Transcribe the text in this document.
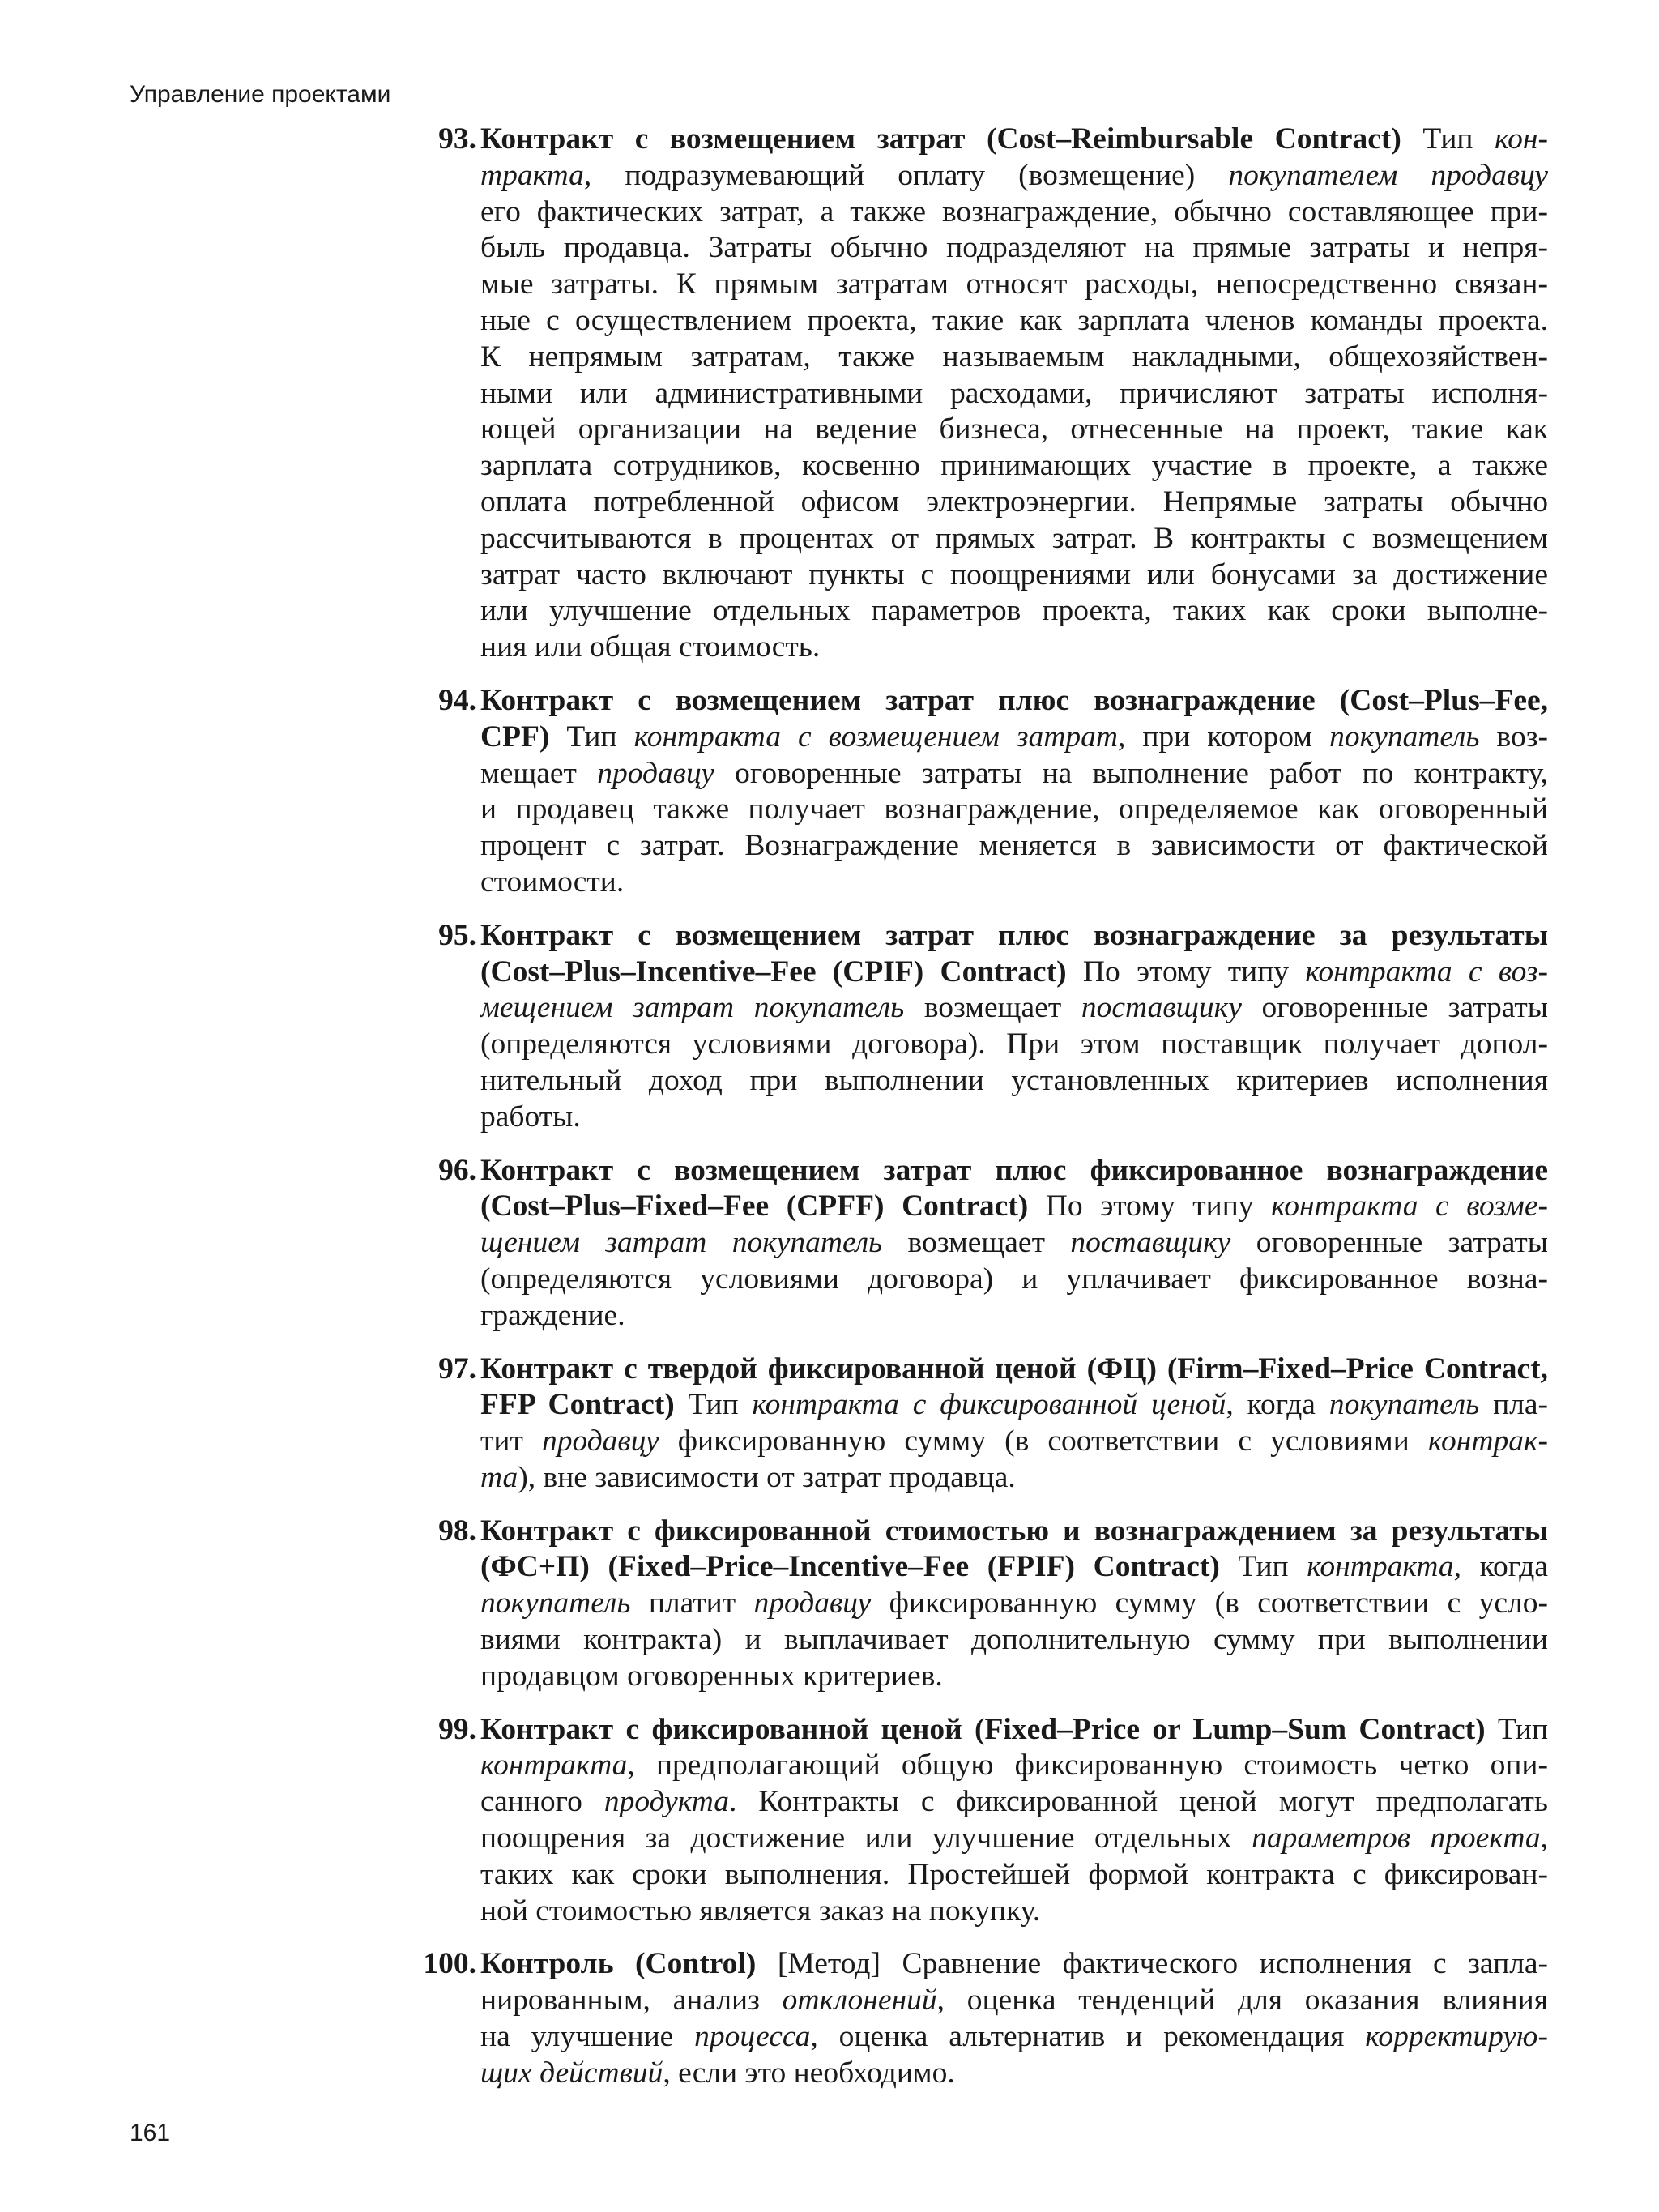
Управление проектами
93. Контракт с возмещением затрат (Cost–Reimbursable Contract) Тип кон-
тракта, подразумевающий оплату (возмещение) покупателем продавцу
его фактических затрат, а также вознаграждение, обычно составляющее при-
быль продавца. Затраты обычно подразделяют на прямые затраты и непря-
мые затраты. К прямым затратам относят расходы, непосредственно связан-
ные с осуществлением проекта, такие как зарплата членов команды проекта.
К непрямым затратам, также называемым накладными, общехозяйствен-
ными или административными расходами, причисляют затраты исполня-
ющей организации на ведение бизнеса, отнесенные на проект, такие как
зарплата сотрудников, косвенно принимающих участие в проекте, а также
оплата потребленной офисом электроэнергии. Непрямые затраты обычно
рассчитываются в процентах от прямых затрат. В контракты с возмещением
затрат часто включают пункты с поощрениями или бонусами за достижение
или улучшение отдельных параметров проекта, таких как сроки выполне-
ния или общая стоимость.
94. Контракт с возмещением затрат плюс вознаграждение (Cost–Plus–Fee,
CPF) Тип контракта с возмещением затрат, при котором покупатель воз-
мещает продавцу оговоренные затраты на выполнение работ по контракту,
и продавец также получает вознаграждение, определяемое как оговоренный
процент с затрат. Вознаграждение меняется в зависимости от фактической
стоимости.
95. Контракт с возмещением затрат плюс вознаграждение за результаты
(Cost–Plus–Incentive–Fee (CPIF) Contract) По этому типу контракта с воз-
мещением затрат покупатель возмещает поставщику оговоренные затраты
(определяются условиями договора). При этом поставщик получает допол-
нительный доход при выполнении установленных критериев исполнения
работы.
96. Контракт с возмещением затрат плюс фиксированное вознаграждение
(Cost–Plus–Fixed–Fee (CPFF) Contract) По этому типу контракта с возме-
щением затрат покупатель возмещает поставщику оговоренные затраты
(определяются условиями договора) и уплачивает фиксированное возна-
граждение.
97. Контракт с твердой фиксированной ценой (ФЦ) (Firm–Fixed–Price Contract,
FFP Contract) Тип контракта с фиксированной ценой, когда покупатель пла-
тит продавцу фиксированную сумму (в соответствии с условиями контрак-
та), вне зависимости от затрат продавца.
98. Контракт с фиксированной стоимостью и вознаграждением за результаты
(ФС+П) (Fixed–Price–Incentive–Fee (FPIF) Contract) Тип контракта, когда
покупатель платит продавцу фиксированную сумму (в соответствии с усло-
виями контракта) и выплачивает дополнительную сумму при выполнении
продавцом оговоренных критериев.
99. Контракт с фиксированной ценой (Fixed–Price or Lump–Sum Contract) Тип
контракта, предполагающий общую фиксированную стоимость четко опи-
санного продукта. Контракты с фиксированной ценой могут предполагать
поощрения за достижение или улучшение отдельных параметров проекта,
таких как сроки выполнения. Простейшей формой контракта с фиксирован-
ной стоимостью является заказ на покупку.
100. Контроль (Control) [Метод] Сравнение фактического исполнения с запла-
нированным, анализ отклонений, оценка тенденций для оказания влияния
на улучшение процесса, оценка альтернатив и рекомендация корректирую-
щих действий, если это необходимо.
161
